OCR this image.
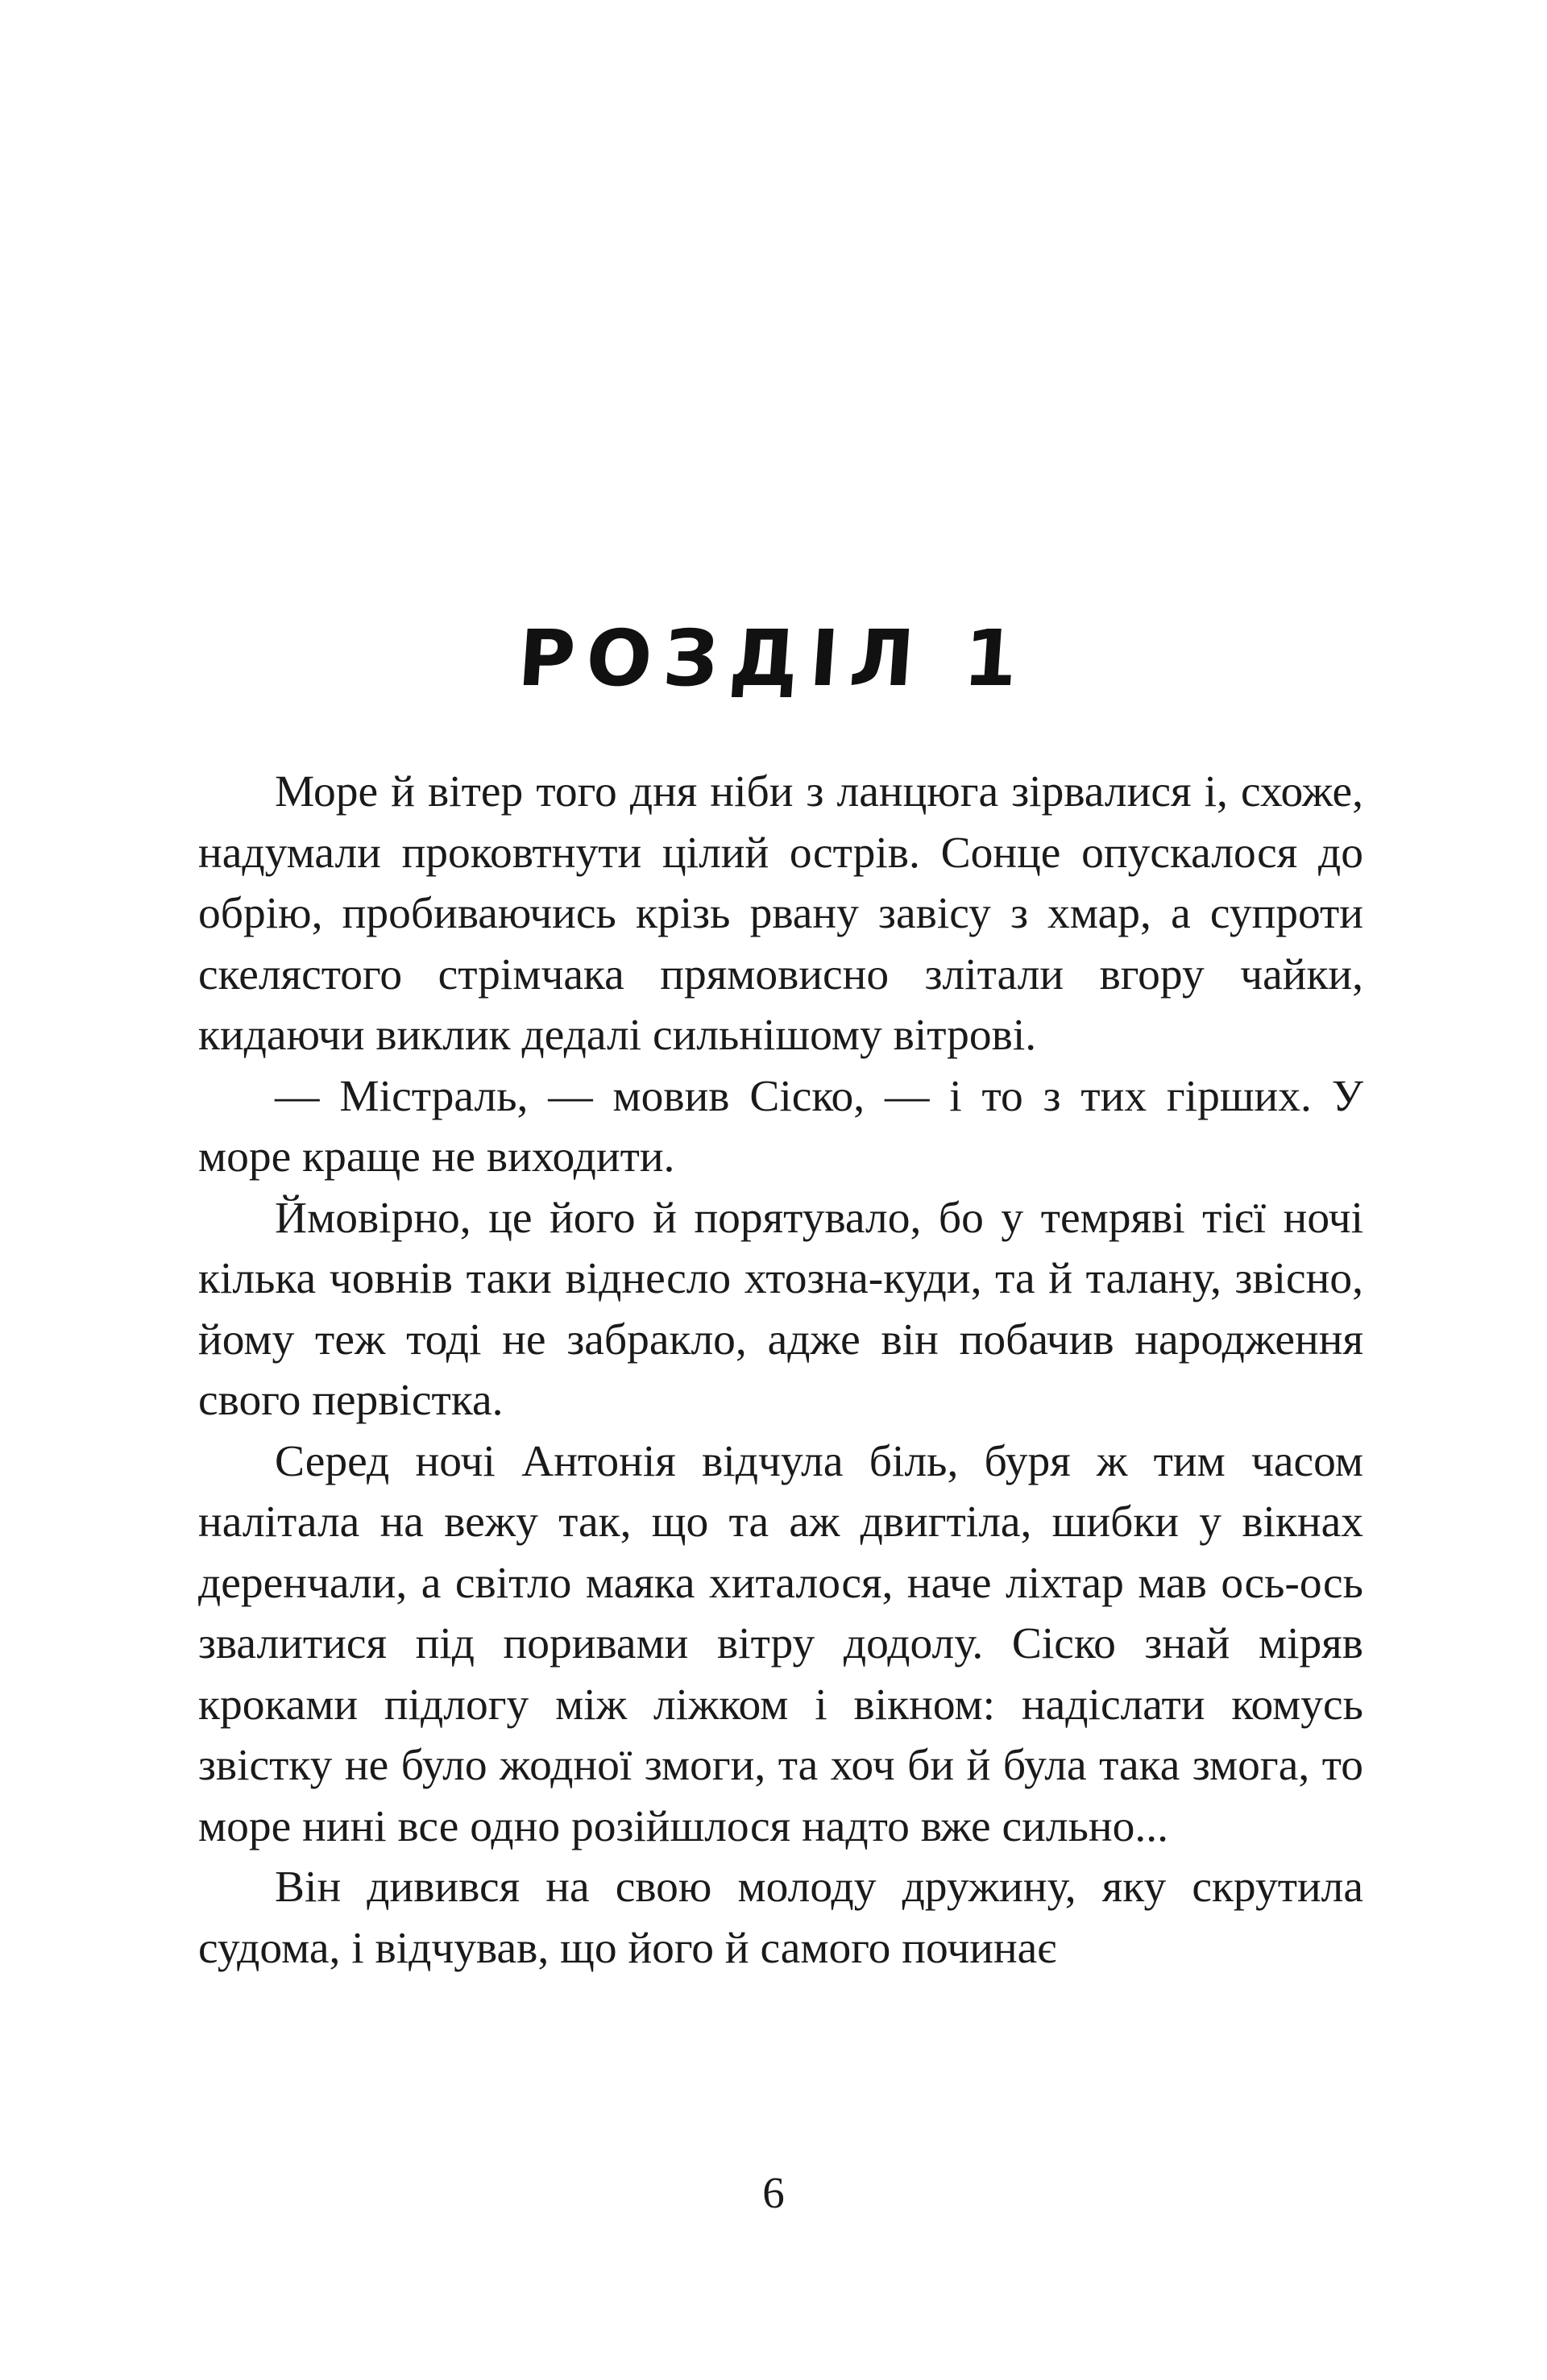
РОЗДІЛ 1

Море й вітер того дня ніби з ланцюга зірвалися і, схоже, надумали проковтнути цілий острів. Сонце опускалося до обрію, пробиваючись крізь рвану завісу з хмар, а супроти скелястого стрімчака прямовисно злітали вгору чайки, кидаючи виклик дедалі сильнішому вітрові.

— Містраль, — мовив Сіско, — і то з тих гірших. У море краще не виходити.

Ймовірно, це його й порятувало, бо у темряві тієї ночі кілька човнів таки віднесло хтозна-куди, та й талану, звісно, йому теж тоді не забракло, адже він побачив народження свого первістка.

Серед ночі Антонія відчула біль, буря ж тим часом налітала на вежу так, що та аж двигтіла, шибки у вікнах деренчали, а світло маяка хиталося, наче ліхтар мав ось-ось звалитися під поривами вітру додолу. Сіско знай міряв кроками підлогу між ліжком і вікном: надіслати комусь звістку не було жодної змоги, та хоч би й була така змога, то море нині все одно розійшлося надто вже сильно...

Він дивився на свою молоду дружину, яку скрутила судома, і відчував, що його й самого починає

6
